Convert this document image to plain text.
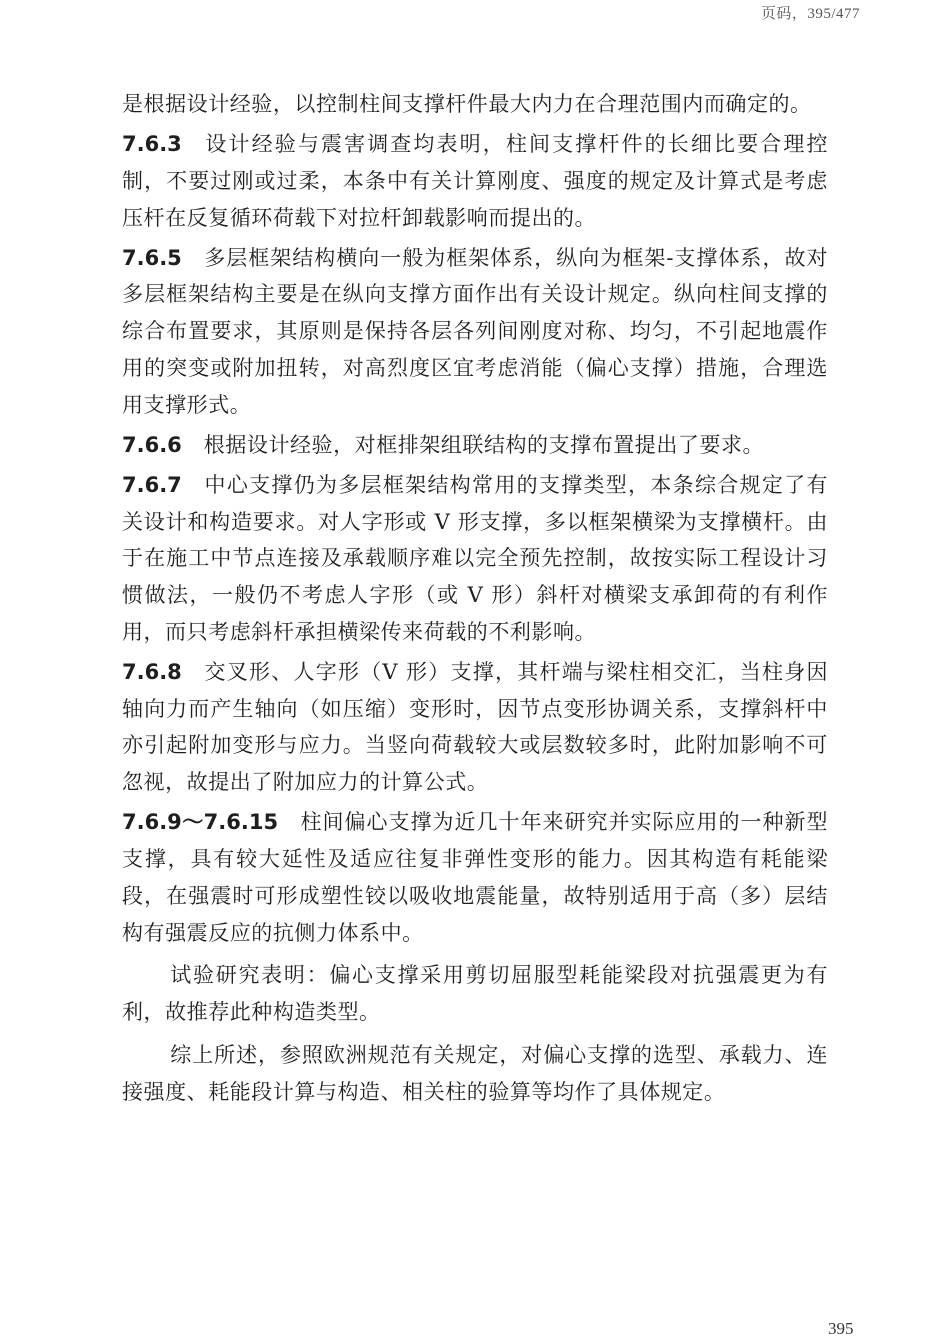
页码，395/477

是根据设计经验，以控制柱间支撑杆件最大内力在合理范围内而确定的。

7.6.3 设计经验与震害调查均表明，柱间支撑杆件的长细比要合理控制，不要过刚或过柔，本条中有关计算刚度、强度的规定及计算式是考虑压杆在反复循环荷载下对拉杆卸载影响而提出的。

7.6.5 多层框架结构横向一般为框架体系，纵向为框架-支撑体系，故对多层框架结构主要是在纵向支撑方面作出有关设计规定。纵向柱间支撑的综合布置要求，其原则是保持各层各列间刚度对称、均匀，不引起地震作用的突变或附加扭转，对高烈度区宜考虑消能（偏心支撑）措施，合理选用支撑形式。

7.6.6 根据设计经验，对框排架组联结构的支撑布置提出了要求。

7.6.7 中心支撑仍为多层框架结构常用的支撑类型，本条综合规定了有关设计和构造要求。对人字形或 V 形支撑，多以框架横梁为支撑横杆。由于在施工中节点连接及承载顺序难以完全预先控制，故按实际工程设计习惯做法，一般仍不考虑人字形（或 V 形）斜杆对横梁支承卸荷的有利作用，而只考虑斜杆承担横梁传来荷载的不利影响。

7.6.8 交叉形、人字形（V 形）支撑，其杆端与梁柱相交汇，当柱身因轴向力而产生轴向（如压缩）变形时，因节点变形协调关系，支撑斜杆中亦引起附加变形与应力。当竖向荷载较大或层数较多时，此附加影响不可忽视，故提出了附加应力的计算公式。

7.6.9～7.6.15 柱间偏心支撑为近几十年来研究并实际应用的一种新型支撑，具有较大延性及适应往复非弹性变形的能力。因其构造有耗能梁段，在强震时可形成塑性铰以吸收地震能量，故特别适用于高（多）层结构有强震反应的抗侧力体系中。

试验研究表明：偏心支撑采用剪切屈服型耗能梁段对抗强震更为有利，故推荐此种构造类型。

综上所述，参照欧洲规范有关规定，对偏心支撑的选型、承载力、连接强度、耗能段计算与构造、相关柱的验算等均作了具体规定。

395
